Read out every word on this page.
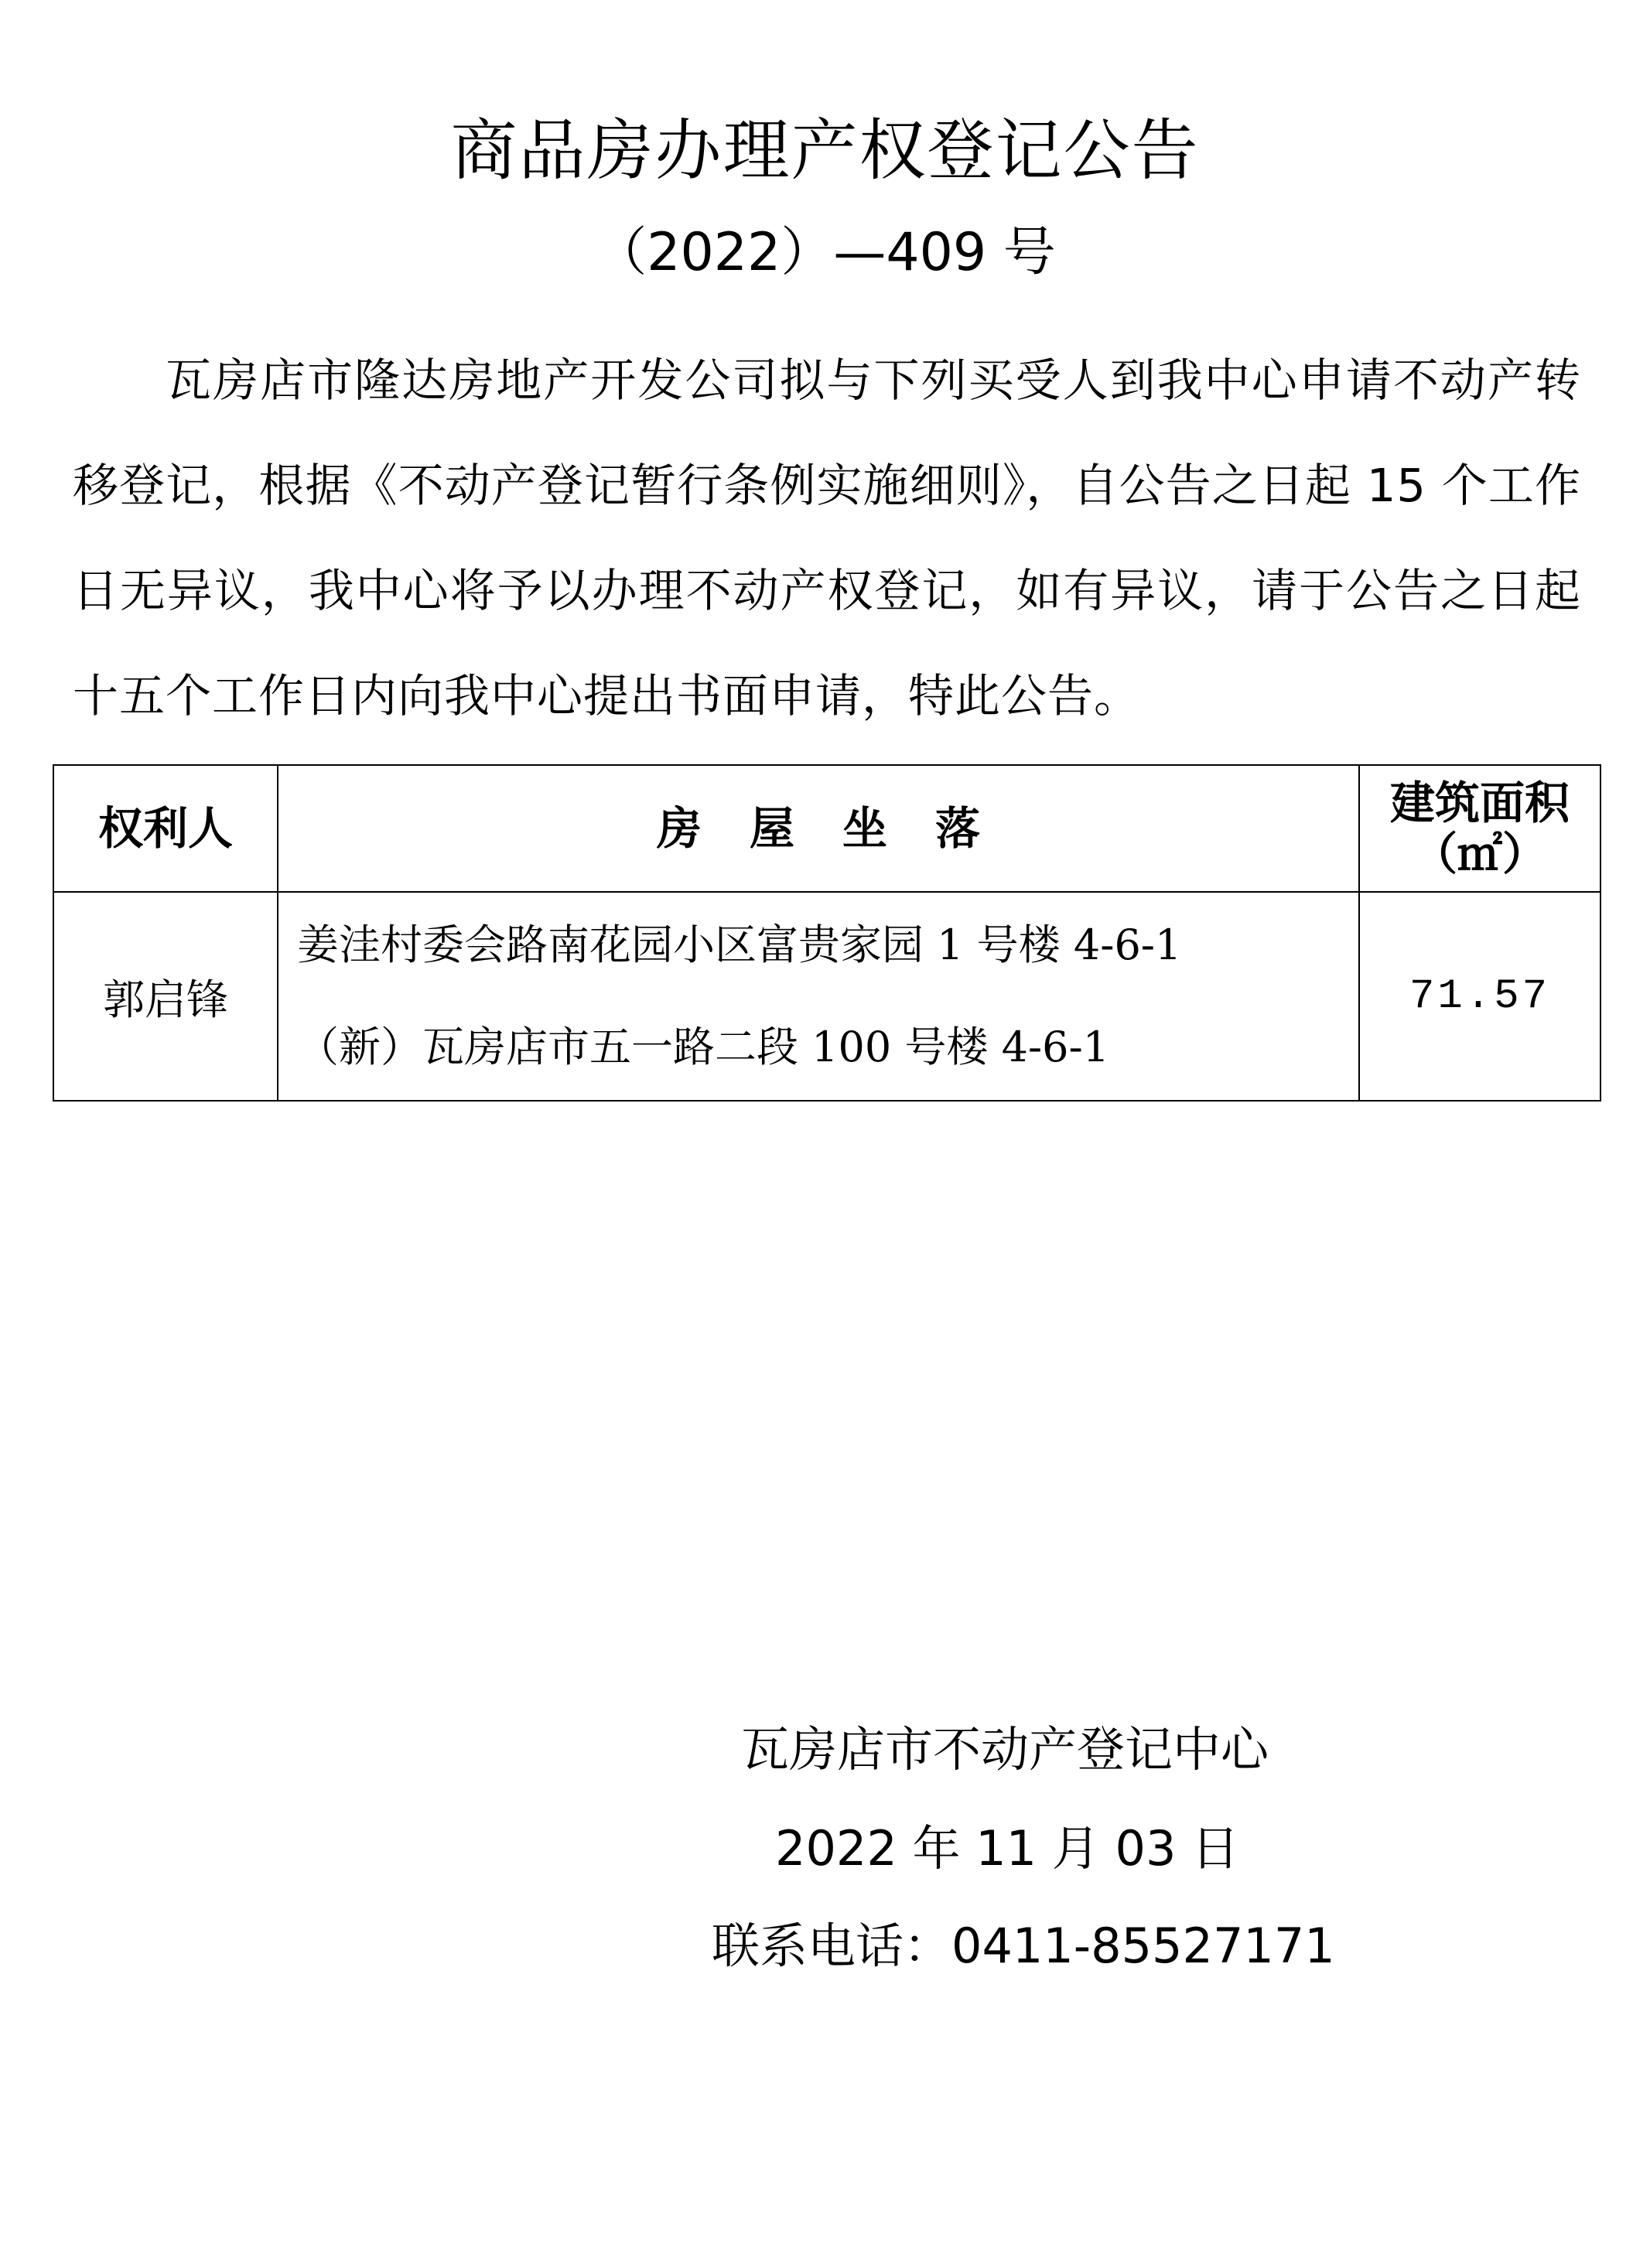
商品房办理产权登记公告
（2022）—409 号

瓦房店市隆达房地产开发公司拟与下列买受人到我中心申请不动产转移登记，根据《不动产登记暂行条例实施细则》，自公告之日起 15 个工作日无异议，我中心将予以办理不动产权登记，如有异议，请于公告之日起十五个工作日内向我中心提出书面申请，特此公告。

权利人	房屋坐落	建筑面积
（㎡）

郭启锋	姜洼村委会路南花园小区富贵家园 1 号楼 4-6-1
（新）瓦房店市五一路二段 100 号楼 4-6-1	71.57
瓦房店市不动产登记中心
2022 年 11 月 03 日
联系电话：0411-85527171
